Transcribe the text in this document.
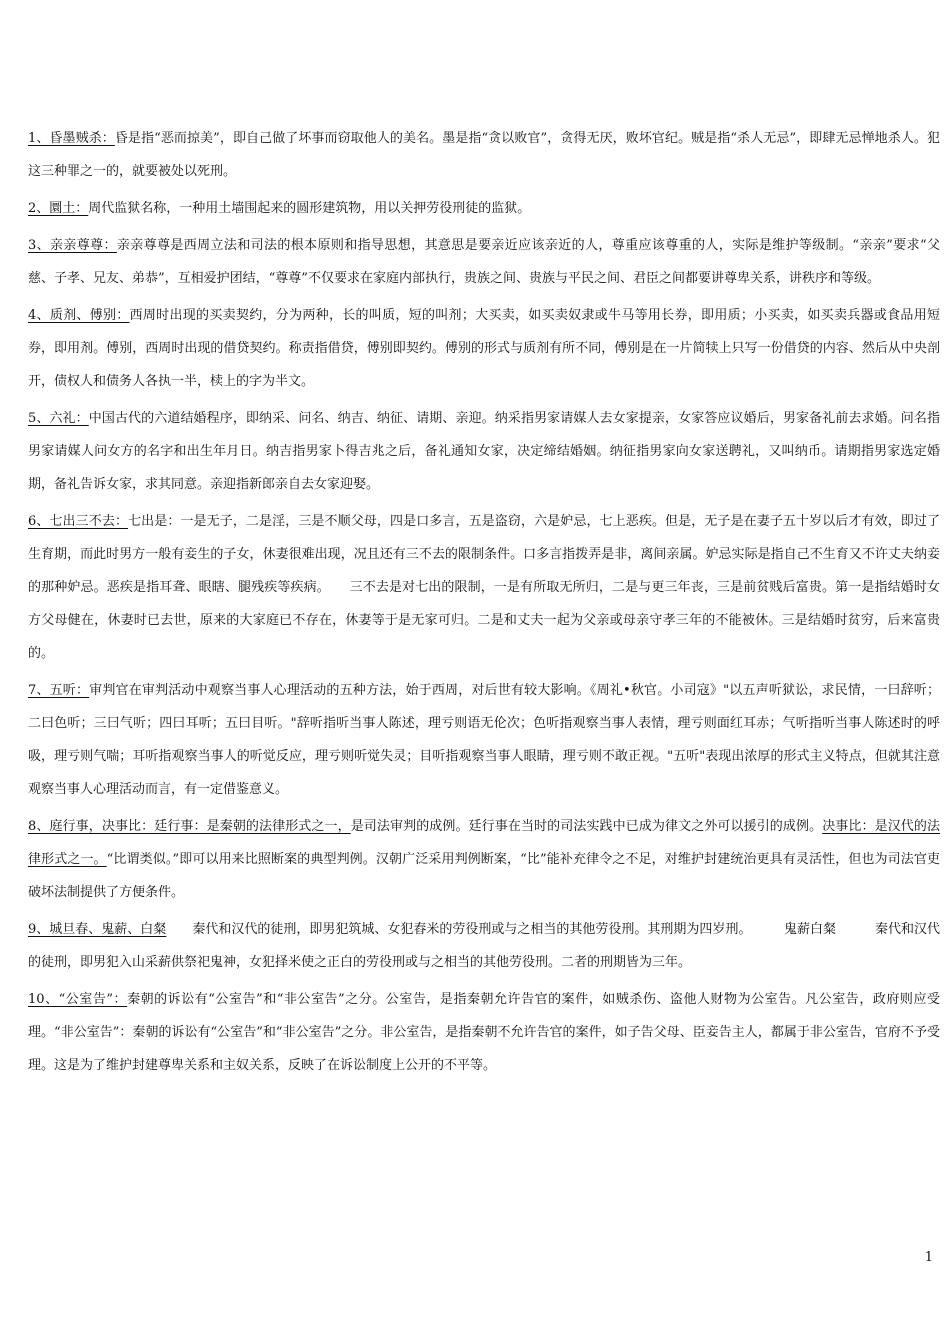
1、昏墨贼杀：昏是指“恶而掠美”，即自己做了坏事而窃取他人的美名。墨是指“贪以败官”，贪得无厌，败坏官纪。贼是指“杀人无忌”，即肆无忌惮地杀人。犯这三种罪之一的，就要被处以死刑。

2、圜土：周代监狱名称，一种用土墙围起来的圆形建筑物，用以关押劳役刑徒的监狱。

3、亲亲尊尊：亲亲尊尊是西周立法和司法的根本原则和指导思想，其意思是要亲近应该亲近的人，尊重应该尊重的人，实际是维护等级制。“亲亲”要求“父慈、子孝、兄友、弟恭”，互相爱护团结，“尊尊”不仅要求在家庭内部执行，贵族之间、贵族与平民之间、君臣之间都要讲尊卑关系，讲秩序和等级。

4、质剂、傅别：西周时出现的买卖契约，分为两种，长的叫质，短的叫剂；大买卖，如买卖奴隶或牛马等用长券，即用质；小买卖，如买卖兵器或食品用短券，即用剂。傅别，西周时出现的借贷契约。称责指借贷，傅别即契约。傅别的形式与质剂有所不同，傅别是在一片简犊上只写一份借贷的内容、然后从中央剖开，债权人和债务人各执一半，椟上的字为半文。

5、六礼：中国古代的六道结婚程序，即纳采、问名、纳吉、纳征、请期、亲迎。纳采指男家请媒人去女家提亲，女家答应议婚后，男家备礼前去求婚。问名指男家请媒人问女方的名字和出生年月日。纳吉指男家卜得吉兆之后，备礼通知女家，决定缔结婚姻。纳征指男家向女家送聘礼，又叫纳币。请期指男家选定婚期，备礼告诉女家，求其同意。亲迎指新郎亲自去女家迎娶。

6、七出三不去：七出是：一是无子，二是淫，三是不顺父母，四是口多言，五是盗窃，六是妒忌，七上恶疾。但是，无子是在妻子五十岁以后才有效，即过了生育期，而此时男方一般有妾生的子女，休妻很难出现，况且还有三不去的限制条件。口多言指拨弄是非，离间亲属。妒忌实际是指自己不生育又不许丈夫纳妾的那种妒忌。恶疾是指耳聋、眼瞎、腿残疾等疾病。　　三不去是对七出的限制，一是有所取无所归，二是与更三年丧，三是前贫贱后富贵。第一是指结婚时女方父母健在，休妻时已去世，原来的大家庭已不存在，休妻等于是无家可归。二是和丈夫一起为父亲或母亲守孝三年的不能被休。三是结婚时贫穷，后来富贵的。

7、五听：审判官在审判活动中观察当事人心理活动的五种方法，始于西周，对后世有较大影响。《周礼•秋官。小司寇》"以五声听狱讼，求民情，一曰辞听；二曰色听；三曰气听；四曰耳听；五曰目听。"辞听指听当事人陈述，理亏则语无伦次；色听指观察当事人表情，理亏则面红耳赤；气听指听当事人陈述时的呼吸，理亏则气喘；耳听指观察当事人的听觉反应，理亏则听觉失灵；目听指观察当事人眼睛，理亏则不敢正视。"五听"表现出浓厚的形式主义特点，但就其注意观察当事人心理活动而言，有一定借鉴意义。

8、庭行事，决事比：廷行事：是秦朝的法律形式之一，是司法审判的成例。廷行事在当时的司法实践中已成为律文之外可以援引的成例。决事比：是汉代的法律形式之一。“比谓类似。”即可以用来比照断案的典型判例。汉朝广泛采用判例断案，“比”能补充律令之不足，对维护封建统治更具有灵活性，但也为司法官吏破坏法制提供了方便条件。

9、城旦春、鬼薪、白粲　　秦代和汉代的徒刑，即男犯筑城、女犯舂米的劳役刑或与之相当的其他劳役刑。其刑期为四岁刑。　　　鬼薪白粲　　　秦代和汉代的徒刑，即男犯入山采薪供祭祀鬼神，女犯择米使之正白的劳役刑或与之相当的其他劳役刑。二者的刑期皆为三年。

10、“公室告”：秦朝的诉讼有“公室告”和“非公室告”之分。公室告，是指秦朝允许告官的案件，如贼杀伤、盗他人财物为公室告。凡公室告，政府则应受理。“非公室告”：秦朝的诉讼有“公室告”和“非公室告”之分。非公室告，是指秦朝不允许告官的案件，如子告父母、臣妾告主人，都属于非公室告，官府不予受理。这是为了维护封建尊卑关系和主奴关系，反映了在诉讼制度上公开的不平等。

1
